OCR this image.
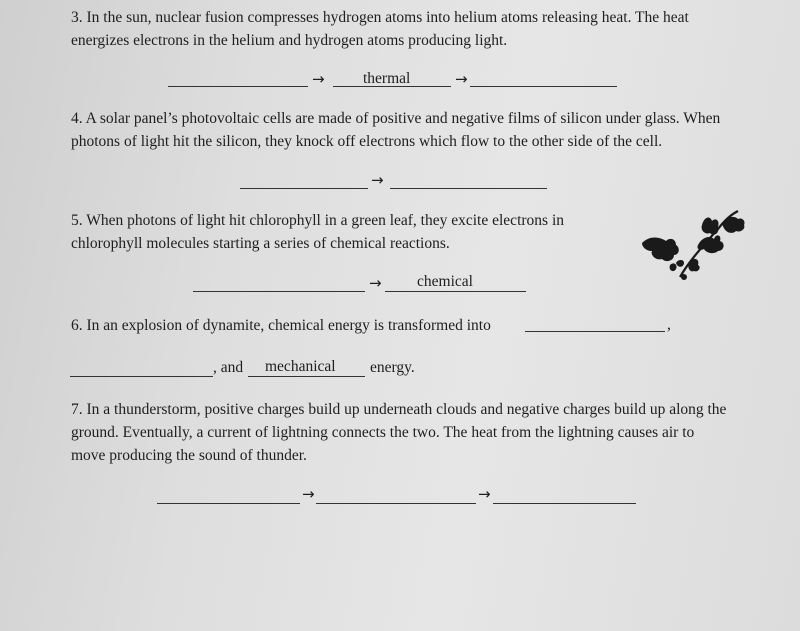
3. In the sun, nuclear fusion compresses hydrogen atoms into helium atoms releasing heat. The heat energizes electrons in the helium and hydrogen atoms producing light.

→ thermal	→

4. A solar panel’s photovoltaic cells are made of positive and negative films of silicon under glass. When photons of light hit the silicon, they knock off electrons which flow to the other side of the cell.

→

5. When photons of light hit chlorophyll in a green leaf, they excite electrons in chlorophyll molecules starting a series of chemical reactions.

→ chemical

6. In an explosion of dynamite, chemical energy is transformed into	,
, and mechanical energy.

7. In a thunderstorm, positive charges build up underneath clouds and negative charges build up along the ground. Eventually, a current of lightning connects the two. The heat from the lightning causes air to move producing the sound of thunder.

→	→
